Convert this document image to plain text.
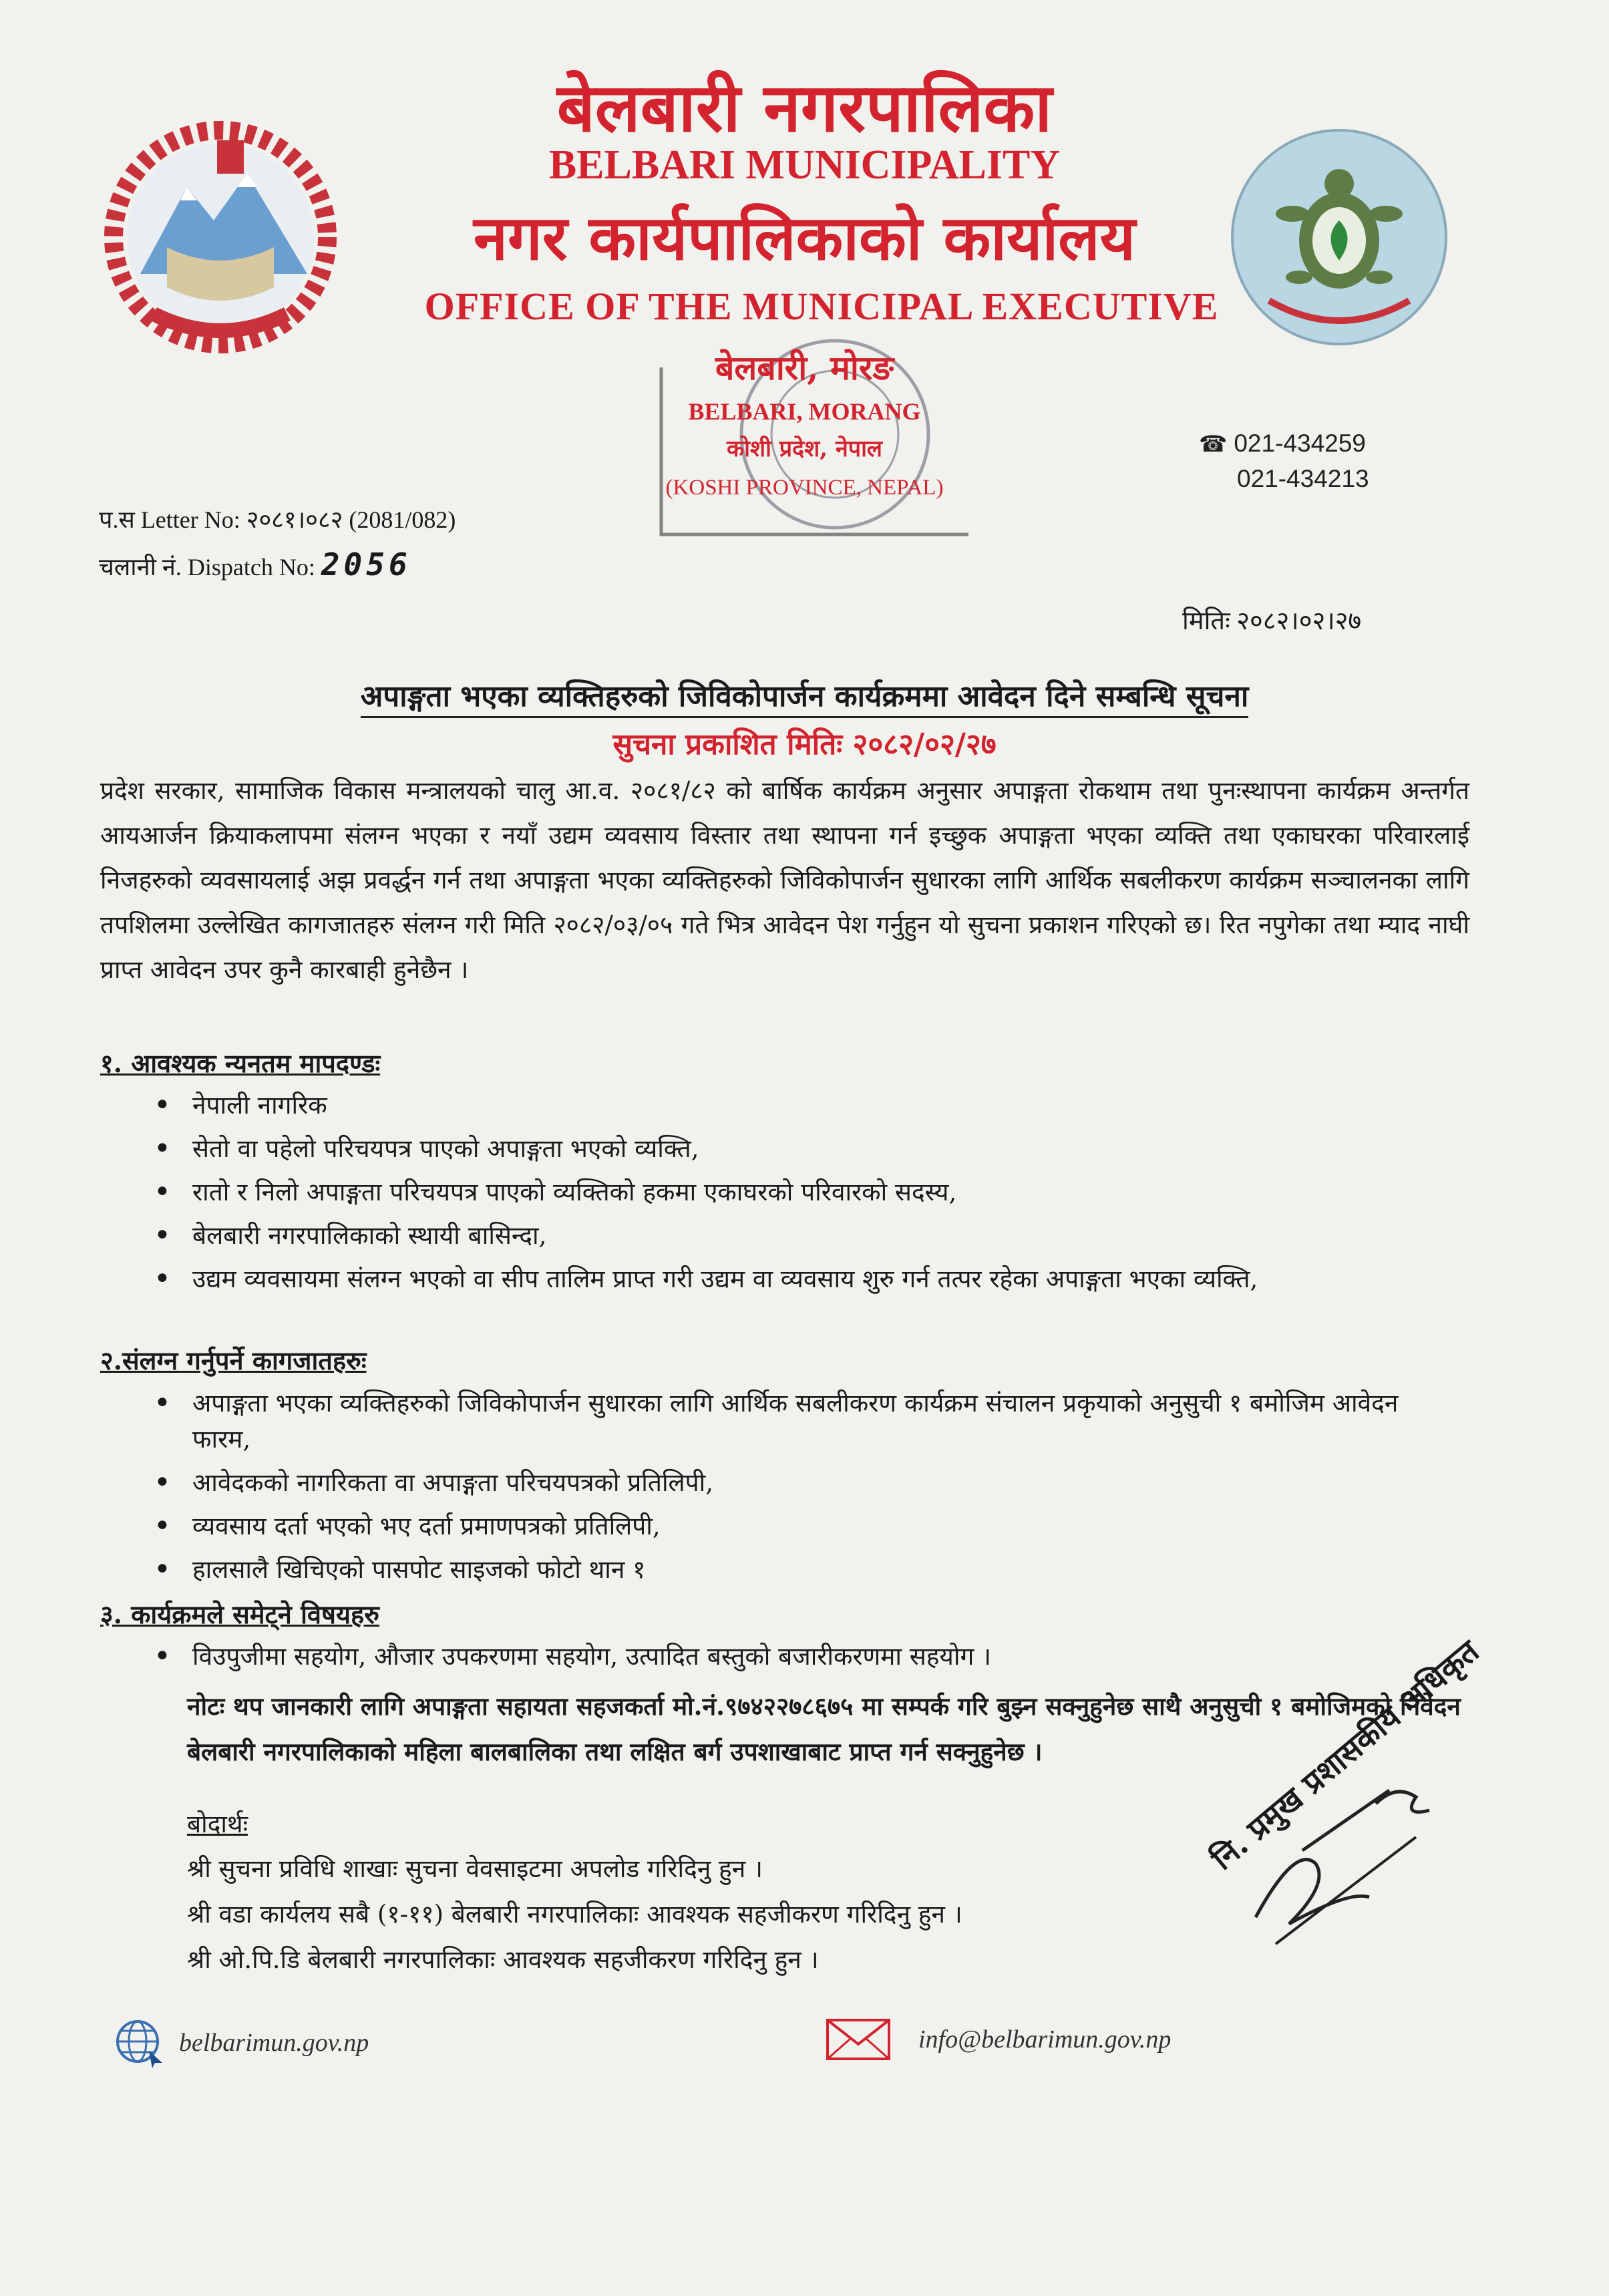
बेलबारी नगरपालिका
BELBARI MUNICIPALITY
नगर कार्यपालिकाको कार्यालय
OFFICE OF THE MUNICIPAL EXECUTIVE
बेलबारी, मोरङ
BELBARI, MORANG
कोशी प्रदेश, नेपाल
(KOSHI PROVINCE, NEPAL)
☎ 021-434259
021-434213
प.स Letter No: २०८१।०८२ (2081/082)
चलानी नं. Dispatch No: 2056
मितिः २०८२।०२।२७
अपाङ्गता भएका व्यक्तिहरुको जिविकोपार्जन कार्यक्रममा आवेदन दिने सम्बन्धि सूचना
सुचना प्रकाशित मितिः २०८२/०२/२७
प्रदेश सरकार, सामाजिक विकास मन्त्रालयको चालु आ.व. २०८१/८२ को बार्षिक कार्यक्रम अनुसार अपाङ्गता रोकथाम तथा पुनःस्थापना कार्यक्रम अन्तर्गत आयआर्जन क्रियाकलापमा संलग्न भएका र नयाँ उद्यम व्यवसाय विस्तार तथा स्थापना गर्न इच्छुक अपाङ्गता भएका व्यक्ति तथा एकाघरका परिवारलाई निजहरुको व्यवसायलाई अझ प्रवर्द्धन गर्न तथा अपाङ्गता भएका व्यक्तिहरुको जिविकोपार्जन सुधारका लागि आर्थिक सबलीकरण कार्यक्रम सञ्चालनका लागि तपशिलमा उल्लेखित कागजातहरु संलग्न गरी मिति २०८२/०३/०५ गते भित्र आवेदन पेश गर्नुहुन यो सुचना प्रकाशन गरिएको छ। रित नपुगेका तथा म्याद नाघी प्राप्त आवेदन उपर कुनै कारबाही हुनेछैन ।
१. आवश्यक न्यनतम मापदण्डः
• नेपाली नागरिक
• सेतो वा पहेलो परिचयपत्र पाएको अपाङ्गता भएको व्यक्ति,
• रातो र निलो अपाङ्गता परिचयपत्र पाएको व्यक्तिको हकमा एकाघरको परिवारको सदस्य,
• बेलबारी नगरपालिकाको स्थायी बासिन्दा,
• उद्यम व्यवसायमा संलग्न भएको वा सीप तालिम प्राप्त गरी उद्यम वा व्यवसाय शुरु गर्न तत्पर रहेका अपाङ्गता भएका व्यक्ति,
२.संलग्न गर्नुपर्ने कागजातहरुः
• अपाङ्गता भएका व्यक्तिहरुको जिविकोपार्जन सुधारका लागि आर्थिक सबलीकरण कार्यक्रम संचालन प्रकृयाको अनुसुची १ बमोजिम आवेदन फारम,
• आवेदकको नागरिकता वा अपाङ्गता परिचयपत्रको प्रतिलिपी,
• व्यवसाय दर्ता भएको भए दर्ता प्रमाणपत्रको प्रतिलिपी,
• हालसालै खिचिएको पासपोट साइजको फोटो थान १
३. कार्यक्रमले समेट्ने विषयहरु
• विउपुजीमा सहयोग, औजार उपकरणमा सहयोग, उत्पादित बस्तुको बजारीकरणमा सहयोग ।
नोटः थप जानकारी लागि अपाङ्गता सहायता सहजकर्ता मो.नं.९७४२२७८६७५ मा सम्पर्क गरि बुझ्न सक्नुहुनेछ साथै अनुसुची १ बमोजिमको निवेदन बेलबारी नगरपालिकाको महिला बालबालिका तथा लक्षित बर्ग उपशाखाबाट प्राप्त गर्न सक्नुहुनेछ ।
बोदार्थः
श्री सुचना प्रविधि शाखाः सुचना वेवसाइटमा अपलोड गरिदिनु हुन ।
श्री वडा कार्यलय सबै (१-११) बेलबारी नगरपालिकाः आवश्यक सहजीकरण गरिदिनु हुन ।
श्री ओ.पि.डि बेलबारी नगरपालिकाः आवश्यक सहजीकरण गरिदिनु हुन ।
नि. प्रमुख प्रशासकीय अधिकृत
belbarimun.gov.np	info@belbarimun.gov.np
